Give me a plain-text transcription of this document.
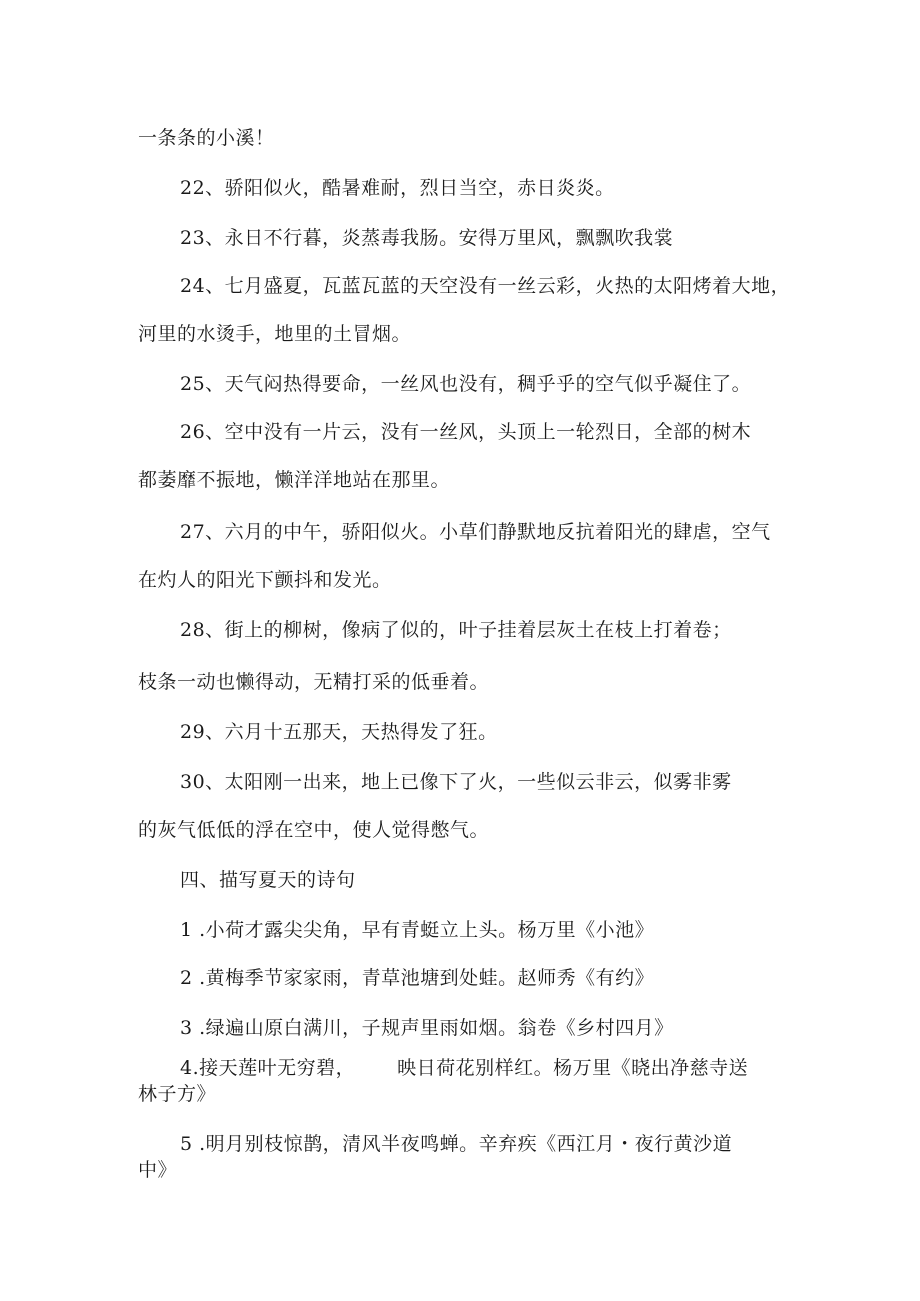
一条条的小溪！
22、骄阳似火，酷暑难耐，烈日当空，赤日炎炎。
23、永日不行暮，炎蒸毒我肠。安得万里风，飘飘吹我裳
24、七月盛夏，瓦蓝瓦蓝的天空没有一丝云彩，火热的太阳烤着大地，
河里的水烫手，地里的土冒烟。
25、天气闷热得要命，一丝风也没有，稠乎乎的空气似乎凝住了。
26、空中没有一片云，没有一丝风，头顶上一轮烈日，全部的树木
都萎靡不振地，懒洋洋地站在那里。
27、六月的中午，骄阳似火。小草们静默地反抗着阳光的肆虐，空气
在灼人的阳光下颤抖和发光。
28、街上的柳树，像病了似的，叶子挂着层灰土在枝上打着卷；
枝条一动也懒得动，无精打采的低垂着。
29、六月十五那天，天热得发了狂。
30、太阳刚一出来，地上已像下了火，一些似云非云，似雾非雾
的灰气低低的浮在空中，使人觉得憋气。
四、描写夏天的诗句
1 .小荷才露尖尖角，早有青蜓立上头。杨万里《小池》
2 .黄梅季节家家雨，青草池塘到处蛙。赵师秀《有约》
3 .绿遍山原白满川，子规声里雨如烟。翁卷《乡村四月》
4.接天莲叶无穷碧， 映日荷花别样红。杨万里《晓出净慈寺送
林子方》
5 .明月别枝惊鹊，清风半夜鸣蝉。辛弃疾《西江月・夜行黄沙道
中》
